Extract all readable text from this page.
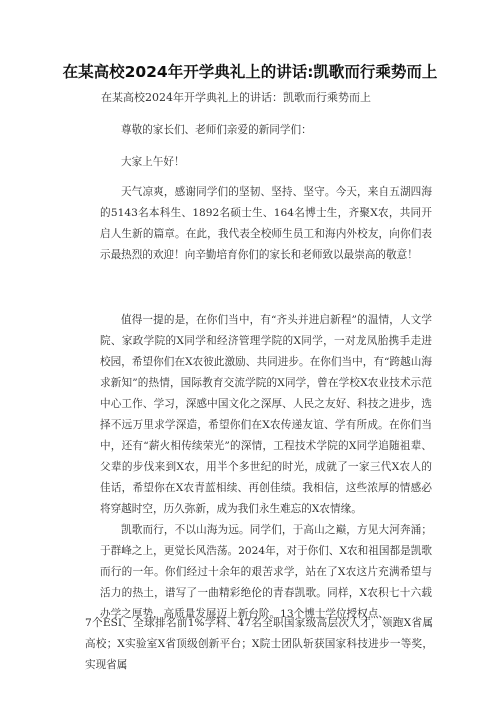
在某高校2024年开学典礼上的讲话:凯歌而行乘势而上
在某高校2024年开学典礼上的讲话：凯歌而行乘势而上
尊敬的家长们、老师们亲爱的新同学们：
大家上午好！
天气凉爽，感谢同学们的坚韧、坚持、坚守。今天，来自五湖四海的5143名本科生、1892名硕士生、164名博士生，齐聚X农，共同开启人生新的篇章。在此，我代表全校师生员工和海内外校友，向你们表示最热烈的欢迎！向辛勤培育你们的家长和老师致以最崇高的敬意！
值得一提的是，在你们当中，有“齐头并进启新程”的温情，人文学院、家政学院的X同学和经济管理学院的X同学，一对龙凤胎携手走进校园，希望你们在X农彼此激励、共同进步。在你们当中，有“跨越山海求新知”的热情，国际教育交流学院的X同学，曾在学校X农业技术示范中心工作、学习，深感中国文化之深厚、人民之友好、科技之进步，选择不远万里求学深造，希望你们在X农传递友谊、学有所成。在你们当中，还有“薪火相传续荣光”的深情，工程技术学院的X同学追随祖辈、父辈的步伐来到X农，用半个多世纪的时光，成就了一家三代X农人的佳话，希望你在X农青蓝相续、再创佳绩。我相信，这些浓厚的情感必将穿越时空，历久弥新，成为我们永生难忘的X农情缘。
凯歌而行，不以山海为远。同学们，于高山之巅，方见大河奔涌；于群峰之上，更觉长风浩荡。2024年，对于你们、X农和祖国都是凯歌而行的一年。你们经过十余年的艰苦求学，站在了X农这片充满希望与活力的热土，谱写了一曲精彩绝伦的青春凯歌。同样，X农积七十六载办学之厚势，高质量发展迈上新台阶。13个博士学位授权点、
7个ESI、全球排名前1%学科、47名全职国家级高层次人才，领跑X省属高校；X实验室X省顶级创新平台；X院士团队斩获国家科技进步一等奖，实现省属
